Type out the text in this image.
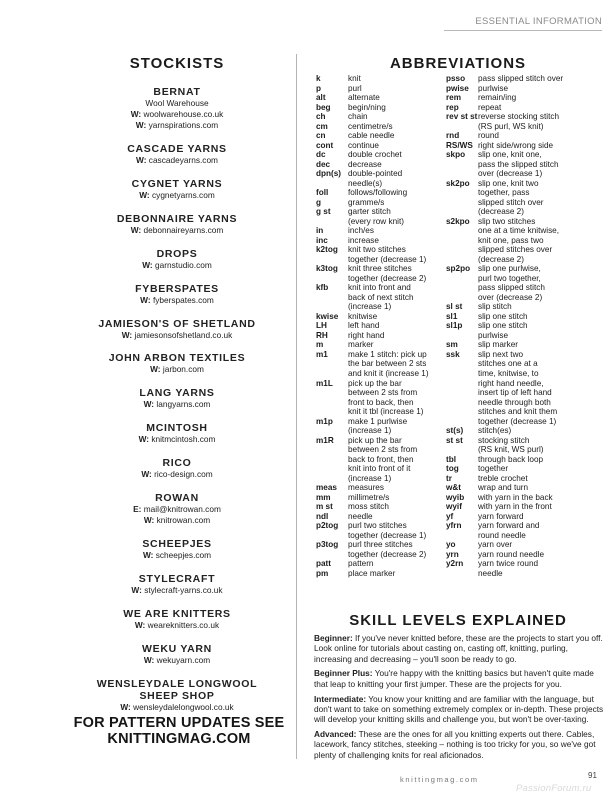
ESSENTIAL INFORMATION
STOCKISTS
BERNAT
Wool Warehouse
W: woolwarehouse.co.uk
W: yarnspirations.com
CASCADE YARNS
W: cascadeyarns.com
CYGNET YARNS
W: cygnetyarns.com
DEBONNAIRE YARNS
W: debonnaireyarns.com
DROPS
W: garnstudio.com
FYBERSPATES
W: fyberspates.com
JAMIESON'S OF SHETLAND
W: jamiesonsofshetland.co.uk
JOHN ARBON TEXTILES
W: jarbon.com
LANG YARNS
W: langyarns.com
MCINTOSH
W: knitmcintosh.com
RICO
W: rico-design.com
ROWAN
E: mail@knitrowan.com
W: knitrowan.com
SCHEEPJES
W: scheepjes.com
STYLECRAFT
W: stylecraft-yarns.co.uk
WE ARE KNITTERS
W: weareknitters.co.uk
WEKU YARN
W: wekuyarn.com
WENSLEYDALE LONGWOOL
SHEEP SHOP
W: wensleydalelongwool.co.uk
FOR PATTERN UPDATES SEE
KNITTINGMAG.COM
ABBREVIATIONS
k	knit
p	purl
alt	alternate
beg	begin/ning
ch	chain
cm	centimetre/s
cn	cable needle
cont	continue
dc	double crochet
dec	decrease
dpn(s) double-pointed
needle(s)
foll	follows/following
g	gramme/s
g st	garter stitch
(every row knit)
in	inch/es
inc	increase
k2tog	knit two stitches
together (decrease 1)
k3tog	knit three stitches
together (decrease 2)
kfb	knit into front and
back of next stitch
(increase 1)
kwise	knitwise
LH	left hand
RH	right hand
m	marker
m1	make 1 stitch: pick up
the bar between 2 sts
and knit it (increase 1)
m1L	pick up the bar
between 2 sts from
front to back, then
knit it tbl (increase 1)
m1p	make 1 purlwise
(increase 1)
m1R	pick up the bar
between 2 sts from
back to front, then
knit into front of it
(increase 1)
meas	measures
mm	millimetre/s
m st	moss stitch
ndl	needle
p2tog	purl two stitches
together (decrease 1)
p3tog	purl three stitches
together (decrease 2)
patt	pattern
pm	place marker
psso	pass slipped stitch over
pwise	purlwise
rem	remain/ing
rep	repeat
rev st st reverse stocking stitch
(RS purl, WS knit)
rnd	round
RS/WS right side/wrong side
skpo	slip one, knit one,
pass the slipped stitch
over (decrease 1)
sk2po	slip one, knit two
together, pass
slipped stitch over
(decrease 2)
s2kpo	slip two stitches
one at a time knitwise,
knit one, pass two
slipped stitches over
(decrease 2)
sp2po slip one purlwise,
purl two together,
pass slipped stitch
over (decrease 2)
sl st	slip stitch
sl1	slip one stitch
sl1p	slip one stitch
purlwise
sm	slip marker
ssk	slip next two
stitches one at a
time, knitwise, to
right hand needle,
insert tip of left hand
needle through both
stitches and knit them
together (decrease 1)
st(s)	stitch(es)
st st	stocking stitch
(RS knit, WS purl)
tbl	through back loop
tog	together
tr	treble crochet
w&t	wrap and turn
wyib	with yarn in the back
wyif	with yarn in the front
yf	yarn forward
yfrn	yarn forward and
round needle
yo	yarn over
yrn	yarn round needle
y2rn	yarn twice round
needle
SKILL LEVELS EXPLAINED

Beginner: If you've never knitted before, these are the projects to start you off. Look online for tutorials about casting on, casting off, knitting, purling, increasing and decreasing – you'll soon be ready to go.

Beginner Plus: You're happy with the knitting basics but haven't quite made that leap to knitting your first jumper. These are the projects for you.

Intermediate: You know your knitting and are familiar with the language, but don't want to take on something extremely complex or in-depth. These projects will develop your knitting skills and challenge you, but won't be over-taxing.

Advanced: These are the ones for all you knitting experts out there. Cables, lacework, fancy stitches, steeking – nothing is too tricky for you, so we've got plenty of challenging knits for real aficionados.

knittingmag.com	91
PassionForum.ru
